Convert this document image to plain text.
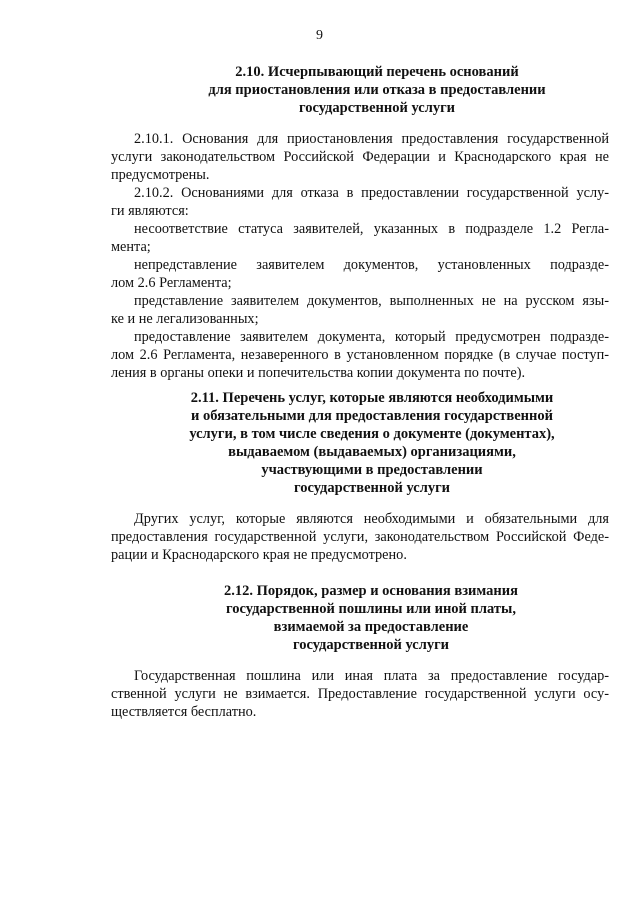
9
2.10. Исчерпывающий перечень оснований
для приостановления или отказа в предоставлении
государственной услуги
2.10.1. Основания для приостановления предоставления государственной
услуги законодательством Российской Федерации и Краснодарского края не
предусмотрены.
2.10.2. Основаниями для отказа в предоставлении государственной услу-
ги являются:
несоответствие статуса заявителей, указанных в подразделе 1.2 Регла-
мента;
непредставление заявителем документов, установленных подразде-
лом 2.6 Регламента;
представление заявителем документов, выполненных не на русском язы-
ке и не легализованных;
предоставление заявителем документа, который предусмотрен подразде-
лом 2.6 Регламента, незаверенного в установленном порядке (в случае поступ-
ления в органы опеки и попечительства копии документа по почте).
2.11. Перечень услуг, которые являются необходимыми
и обязательными для предоставления государственной
услуги, в том числе сведения о документе (документах),
выдаваемом (выдаваемых) организациями,
участвующими в предоставлении
государственной услуги
Других услуг, которые являются необходимыми и обязательными для
предоставления государственной услуги, законодательством Российской Феде-
рации и Краснодарского края не предусмотрено.
2.12. Порядок, размер и основания взимания
государственной пошлины или иной платы,
взимаемой за предоставление
государственной услуги
Государственная пошлина или иная плата за предоставление государ-
ственной услуги не взимается. Предоставление государственной услуги осу-
ществляется бесплатно.
